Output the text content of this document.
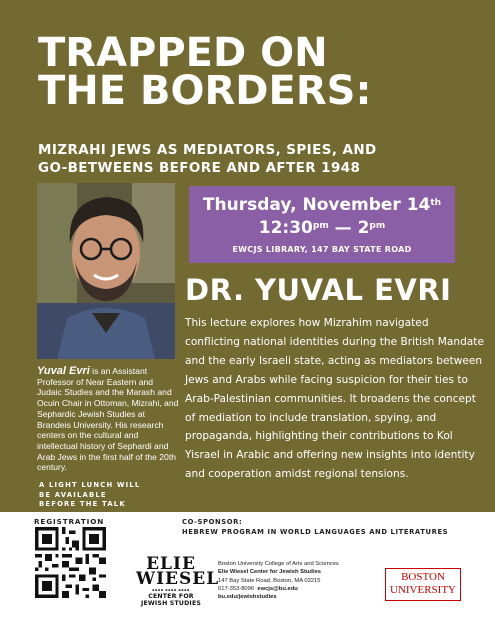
TRAPPED ON
THE BORDERS:
MIZRAHI JEWS AS MEDIATORS, SPIES, AND
GO-BETWEENS BEFORE AND AFTER 1948
Thursday, November 14th
$12:30^{pm}$ — $2^{pm}$
EWCJS LIBRARY, 147 BAY STATE ROAD
DR. YUVAL EVRI
This lecture explores how Mizrahim navigated conflicting national identities during the British Mandate and the early Israeli state, acting as mediators between Jews and Arabs while facing suspicion for their ties to Arab-Palestinian communities. It broadens the concept of mediation to include translation, spying, and propaganda, highlighting their contributions to Kol Yisrael in Arabic and offering new insights into identity and cooperation amidst regional tensions.
Yuval Evri is an Assistant Professor of Near Eastern and Judaic Studies and the Marash and Ocuin Chair in Ottoman, Mizrahi, and Sephardic Jewish Studies at Brandeis University. His research centers on the cultural and intellectual history of Sephardi and Arab Jews in the first half of the 20th century.
A LIGHT LUNCH WILL
BE AVAILABLE
BEFORE THE TALK
REGISTRATION	CO-SPONSOR:
HEBREW PROGRAM IN WORLD LANGUAGES AND LITERATURES
ELIE
WIESEL
▪▪▪▪ ▪▪▪▪ ▪▪▪▪
CENTER FOR
JEWISH STUDIES
Boston University College of Arts and Sciences
Elie Wiesel Center for Jewish Studies
147 Bay State Road, Boston, MA 02215
617-353-8096 ewcjs@bu.edu
bu.edu/jewishstudies
BOSTON
UNIVERSITY
